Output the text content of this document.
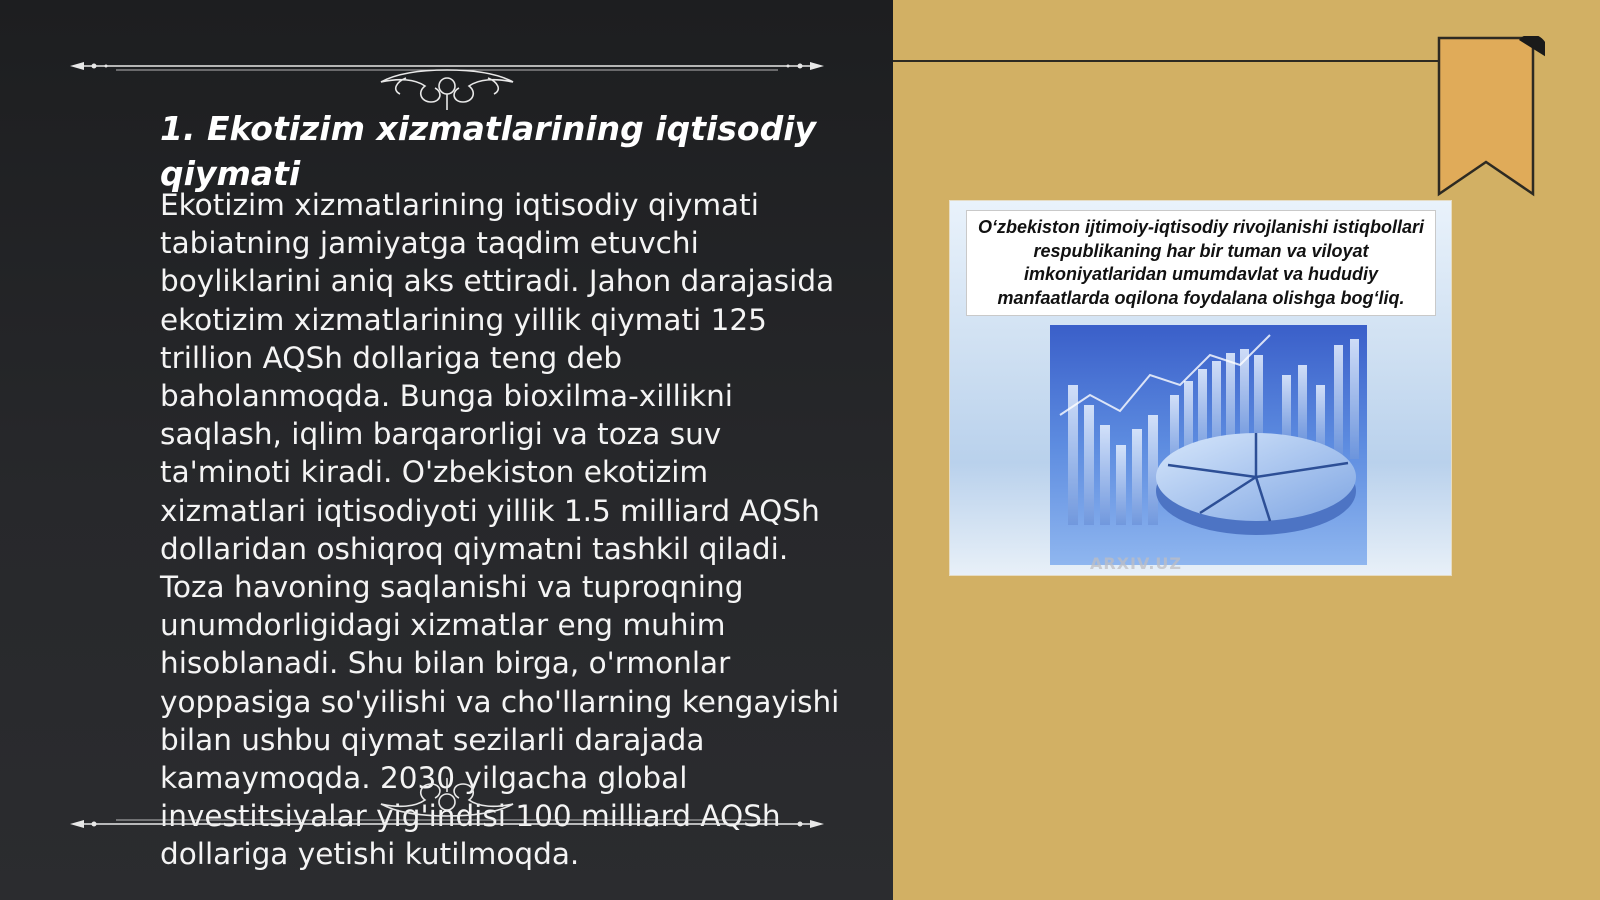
1. Ekotizim xizmatlarining iqtisodiy qiymati

Ekotizim xizmatlarining iqtisodiy qiymati tabiatning jamiyatga taqdim etuvchi boyliklarini aniq aks ettiradi. Jahon darajasida ekotizim xizmatlarining yillik qiymati 125 trillion AQSh dollariga teng deb baholanmoqda. Bunga bioxilma-xillikni saqlash, iqlim barqarorligi va toza suv ta'minoti kiradi. O'zbekiston ekotizim xizmatlari iqtisodiyoti yillik 1.5 milliard AQSh dollaridan oshiqroq qiymatni tashkil qiladi. Toza havoning saqlanishi va tuproqning unumdorligidagi xizmatlar eng muhim hisoblanadi. Shu bilan birga, o'rmonlar yoppasiga so'yilishi va cho'llarning kengayishi bilan ushbu qiymat sezilarli darajada kamaymoqda. 2030 yilgacha global investitsiyalar yig'indisi 100 milliard AQSh dollariga yetishi kutilmoqda.

O‘zbekiston ijtimoiy-iqtisodiy rivojlanishi istiqbollari respublikaning har bir tuman va viloyat imkoniyatlaridan umumdavlat va hududiy manfaatlarda oqilona foydalana olishga bog‘liq.

ARXIV.UZ
